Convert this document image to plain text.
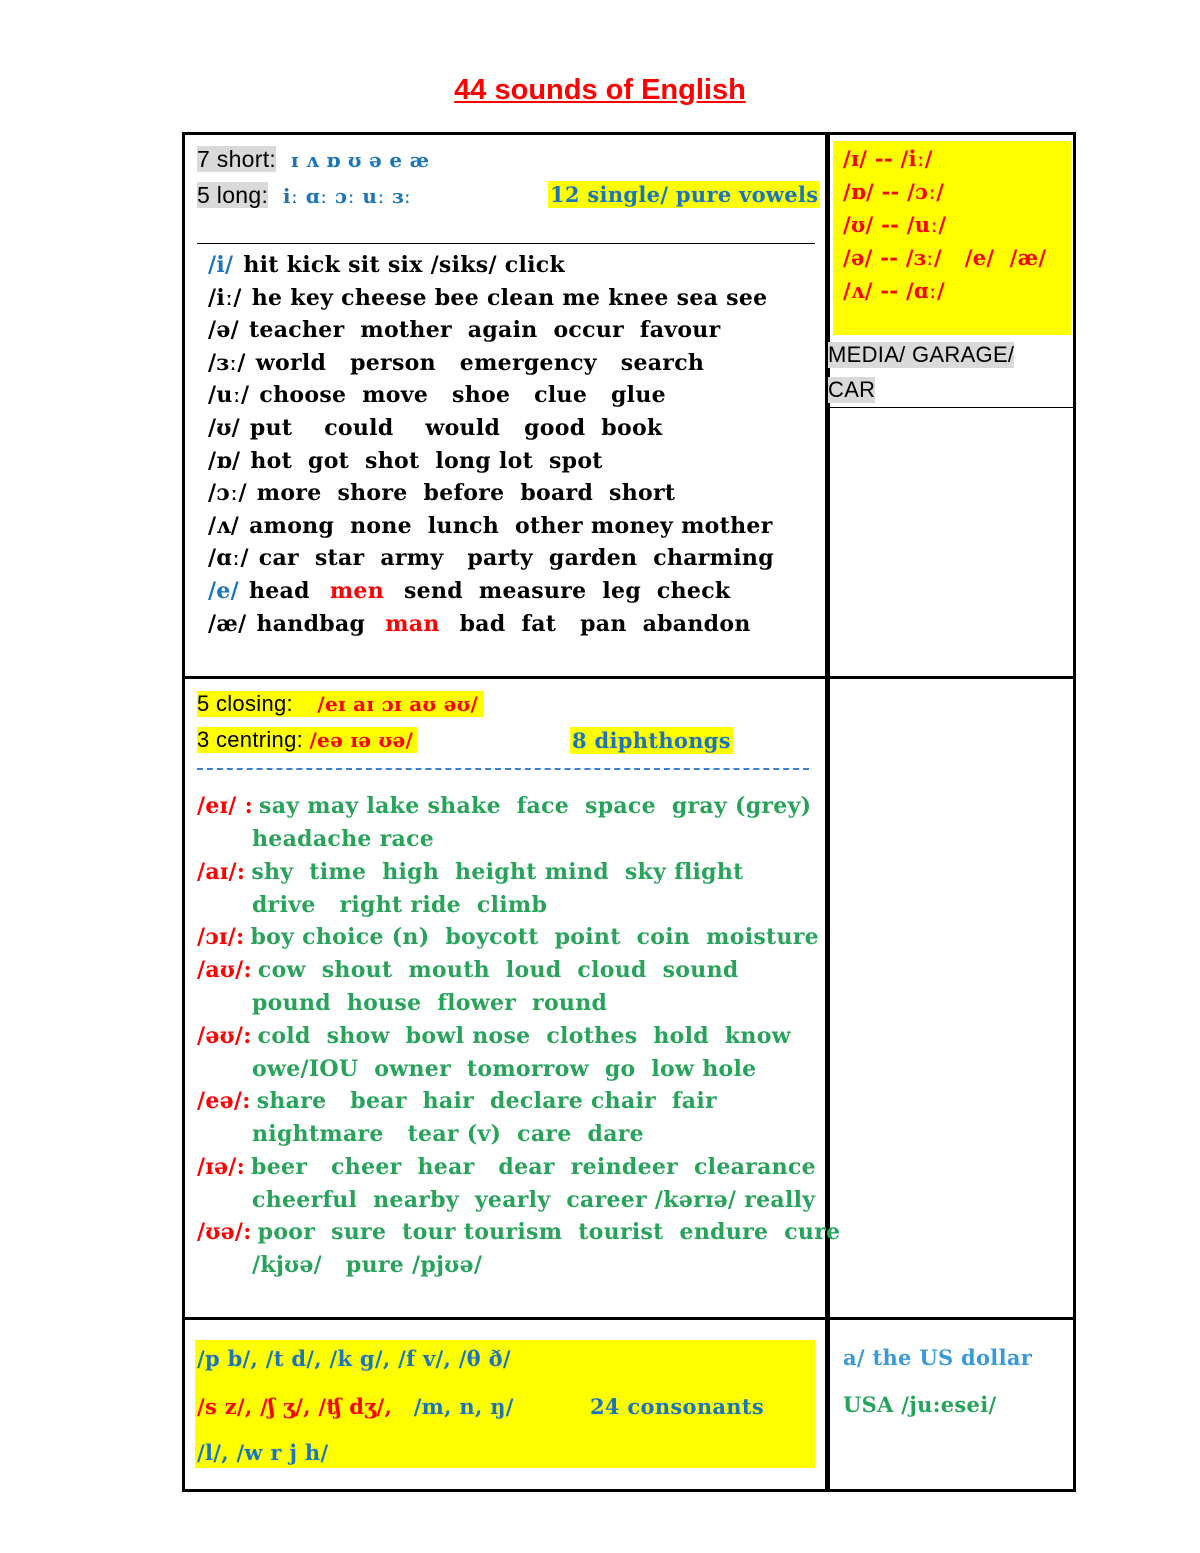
44 sounds of English
7 short: ɪ ʌ ɒ ʊ ə e æ
5 long: iː ɑː ɔː uː ɜː	12 single/ pure vowels
/i/ hit kick sit six /siks/ click
/iː/ he key cheese bee clean me knee sea see
/ə/ teacher  mother  again  occur  favour
/ɜː/ world   person   emergency   search
/uː/ choose  move   shoe   clue   glue
/ʊ/ put    could    would   good  book
/ɒ/ hot  got  shot  long lot  spot
/ɔː/ more  shore  before  board  short
/ʌ/ among  none  lunch  other money mother
/ɑː/ car  star  army   party  garden  charming
/e/ head men send  measure  leg  check
/æ/ handbag man bad  fat   pan  abandon
/ɪ/ -- /iː/
/ɒ/ -- /ɔː/
/ʊ/ -- /uː/
/ə/ -- /ɜː/   /e/  /æ/
/ʌ/ -- /ɑː/
MEDIA/ GARAGE/
CAR
5 closing: /eɪ aɪ ɔɪ aʊ əʊ/
3 centring: /eə ɪə ʊə/	8 diphthongs
/eɪ/ : say may lake shake  face  space  gray (grey)
headache race
/aɪ/: shy  time  high  height mind  sky flight
drive   right ride  climb
/ɔɪ/: boy choice (n)  boycott  point  coin  moisture
/aʊ/: cow  shout  mouth  loud  cloud  sound
pound  house  flower  round
/əʊ/: cold  show  bowl nose  clothes  hold  know
owe/IOU  owner  tomorrow  go  low hole
/eə/: share   bear  hair  declare chair  fair
nightmare   tear (v)  care  dare
/ɪə/: beer   cheer  hear   dear  reindeer  clearance
cheerful  nearby  yearly  career /kərɪə/ really
/ʊə/: poor  sure  tour tourism  tourist  endure  cure
/kjʊə/   pure /pjʊə/
/p b/, /t d/, /k g/, /f v/, /θ ð/
/s z/, /ʃ ʒ/, /ʧ dʒ/, /m, n, ŋ/	24 consonants
/l/, /w r j h/
a/ the US dollar
USA /ju:esei/
